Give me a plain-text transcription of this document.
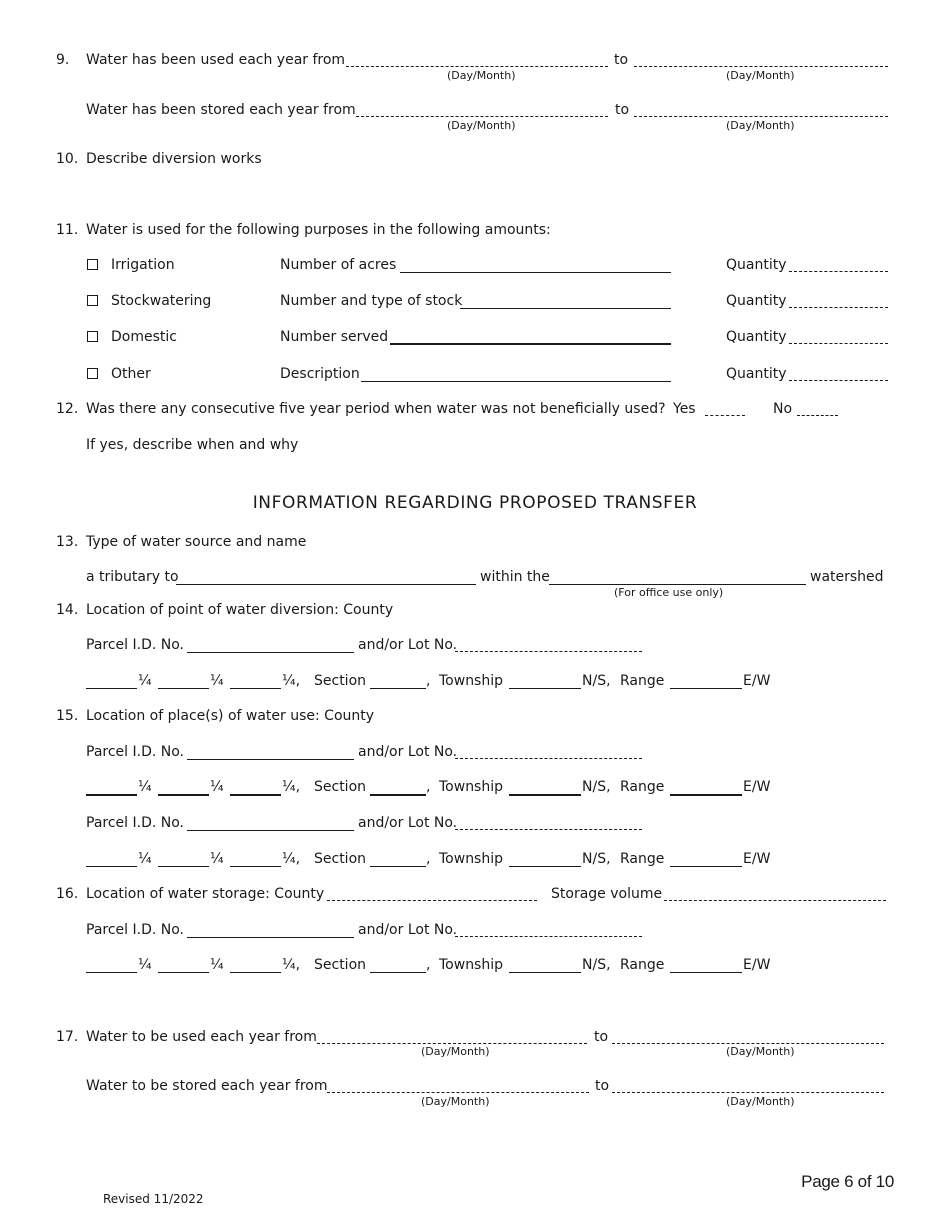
9. Water has been used each year from
(Day/Month)
to
(Day/Month)
Water has been stored each year from
(Day/Month)
to
(Day/Month)
10. Describe diversion works
11. Water is used for the following purposes in the following amounts:
Irrigation	Number of acres	Quantity
Stockwatering	Number and type of stock	Quantity
Domestic	Number served	Quantity
Other	Description	Quantity
12. Was there any consecutive five year period when water was not beneficially used? Yes	No
If yes, describe when and why
INFORMATION REGARDING PROPOSED TRANSFER
13. Type of water source and name
a tributary to	within the	watershed
(For office use only)
14. Location of point of water diversion: County
Parcel I.D. No.	and/or Lot No.
¼	¼	¼, Section	, Township	N/S, Range	E/W
15. Location of place(s) of water use: County
Parcel I.D. No.	and/or Lot No.
¼	¼	¼, Section	, Township	N/S, Range	E/W
Parcel I.D. No.	and/or Lot No.
¼	¼	¼, Section	, Township	N/S, Range	E/W
16. Location of water storage: County	Storage volume
Parcel I.D. No.	and/or Lot No.
¼	¼	¼, Section	, Township	N/S, Range	E/W
17. Water to be used each year from
(Day/Month)
to
(Day/Month)
Water to be stored each year from
(Day/Month)
to
(Day/Month)
Page 6 of 10
Revised 11/2022
